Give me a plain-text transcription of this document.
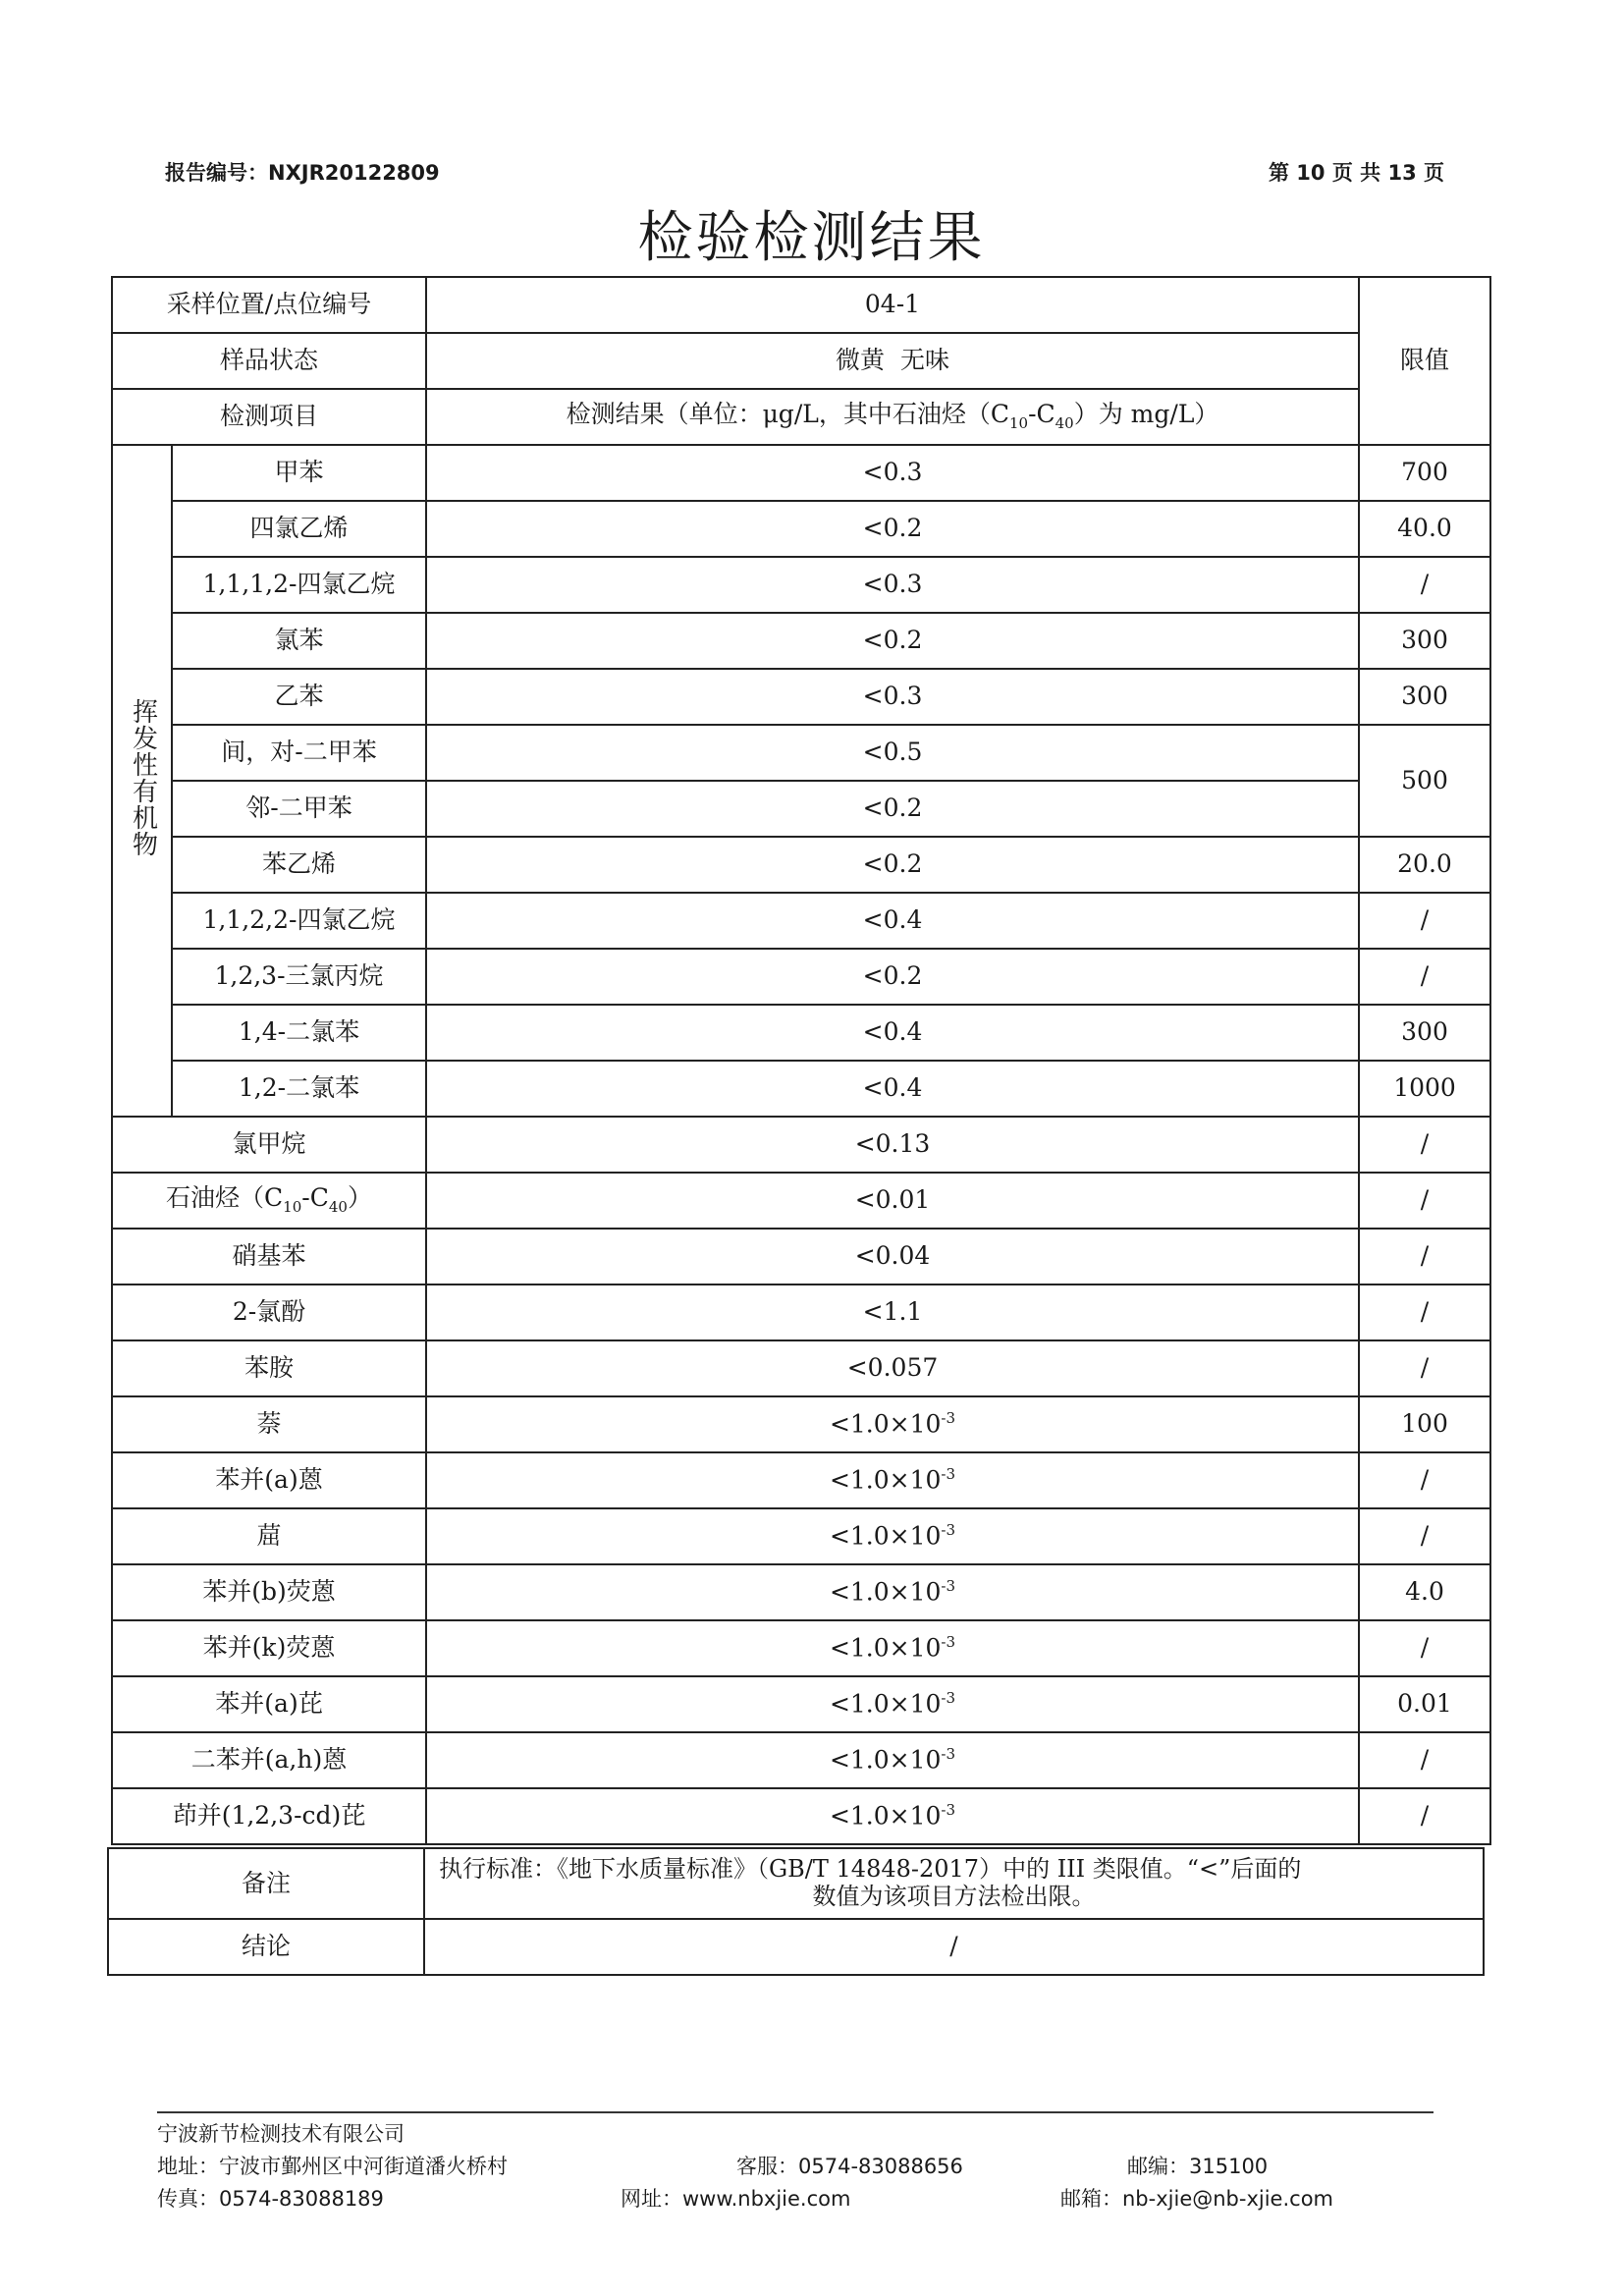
报告编号：NXJR20122809	第 10 页 共 13 页
检验检测结果
采样位置/点位编号		04-1	限值
样品状态		微黄  无味	
检测项目		检测结果（单位：μg/L，其中石油烃$(C_{10}-C_{40})$为 mg/L）	
挥发性有机物	甲苯	<0.3	700
	四氯乙烯	<0.2	40.0
	1,1,1,2-四氯乙烷	<0.3	/
	氯苯	<0.2	300
	乙苯	<0.3	300
	间，对-二甲苯	<0.5	500
	邻-二甲苯	<0.2	
	苯乙烯	<0.2	20.0
	1,1,2,2-四氯乙烷	<0.4	/
	1,2,3-三氯丙烷	<0.2	/
	1,4-二氯苯	<0.4	300
	1,2-二氯苯	<0.4	1000
氯甲烷		<0.13	/
石油烃$(C_{10}-C_{40})$		<0.01	/
硝基苯		<0.04	/
2-氯酚		<1.1	/
苯胺		<0.057	/
萘		$<1.0\times 10^{-3}$	100
苯并(a)蒽		$<1.0\times 10^{-3}$	/
䓛		$<1.0\times 10^{-3}$	/
苯并(b)荧蒽		$<1.0\times 10^{-3}$	4.0
苯并(k)荧蒽		$<1.0\times 10^{-3}$	/
苯并(a)芘		$<1.0\times 10^{-3}$	0.01
二苯并(a,h)蒽		$<1.0\times 10^{-3}$	/
茚并(1,2,3-cd)芘		$<1.0\times 10^{-3}$	/
备注	执行标准：《地下水质量标准》（GB/T 14848-2017）中的 III 类限值。“<”后面的
数值为该项目方法检出限。

结论	/
宁波新节检测技术有限公司
地址：宁波市鄞州区中河街道潘火桥村	客服：0574-83088656	邮编：315100
传真：0574-83088189	网址：www.nbxjie.com	邮箱：nb-xjie@nb-xjie.com
